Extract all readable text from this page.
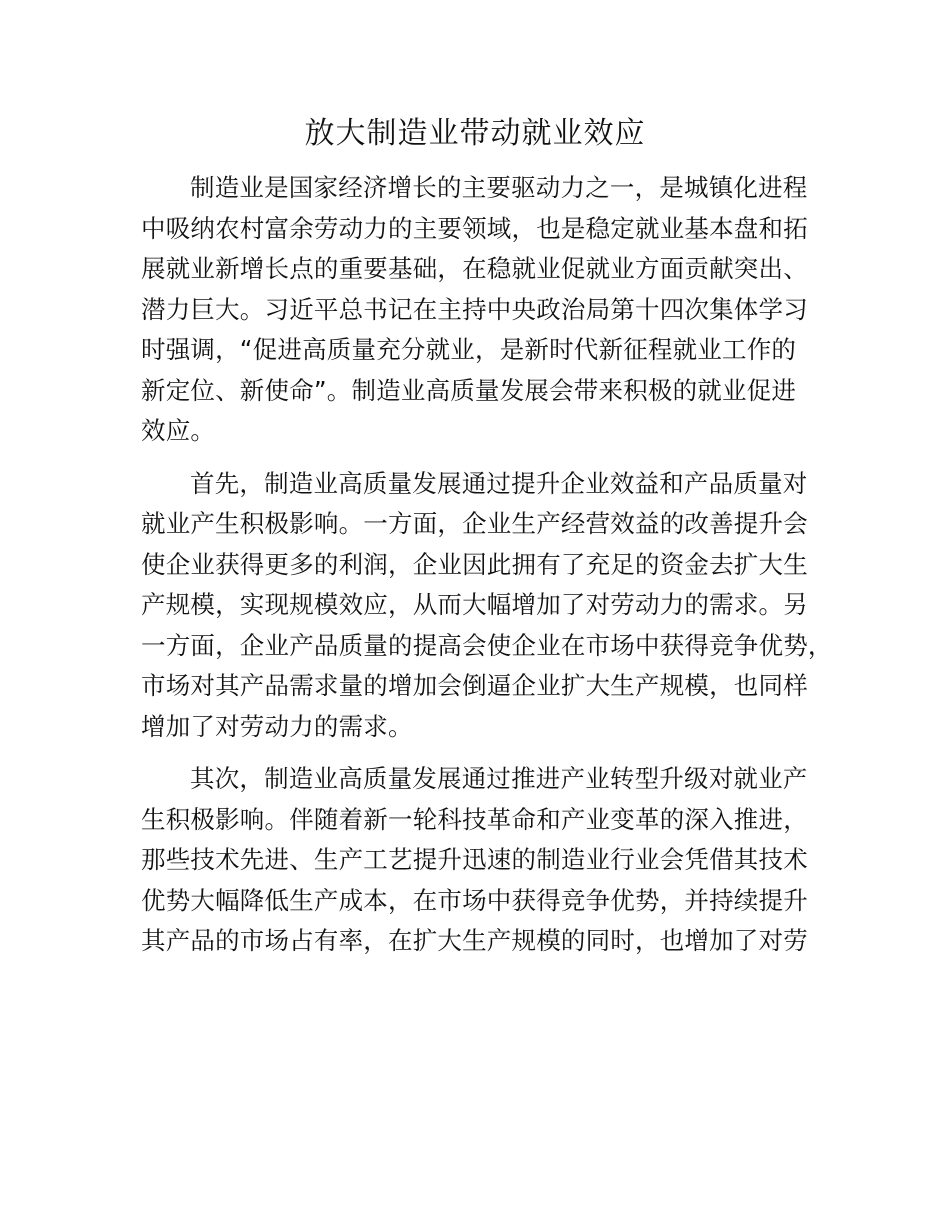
放大制造业带动就业效应

制造业是国家经济增长的主要驱动力之一，是城镇化进程
中吸纳农村富余劳动力的主要领域，也是稳定就业基本盘和拓
展就业新增长点的重要基础，在稳就业促就业方面贡献突出、
潜力巨大。习近平总书记在主持中央政治局第十四次集体学习
时强调，“促进高质量充分就业，是新时代新征程就业工作的
新定位、新使命”。制造业高质量发展会带来积极的就业促进
效应。

首先，制造业高质量发展通过提升企业效益和产品质量对
就业产生积极影响。一方面，企业生产经营效益的改善提升会
使企业获得更多的利润，企业因此拥有了充足的资金去扩大生
产规模，实现规模效应，从而大幅增加了对劳动力的需求。另
一方面，企业产品质量的提高会使企业在市场中获得竞争优势，
市场对其产品需求量的增加会倒逼企业扩大生产规模，也同样
增加了对劳动力的需求。

其次，制造业高质量发展通过推进产业转型升级对就业产
生积极影响。伴随着新一轮科技革命和产业变革的深入推进，
那些技术先进、生产工艺提升迅速的制造业行业会凭借其技术
优势大幅降低生产成本，在市场中获得竞争优势，并持续提升
其产品的市场占有率，在扩大生产规模的同时，也增加了对劳
